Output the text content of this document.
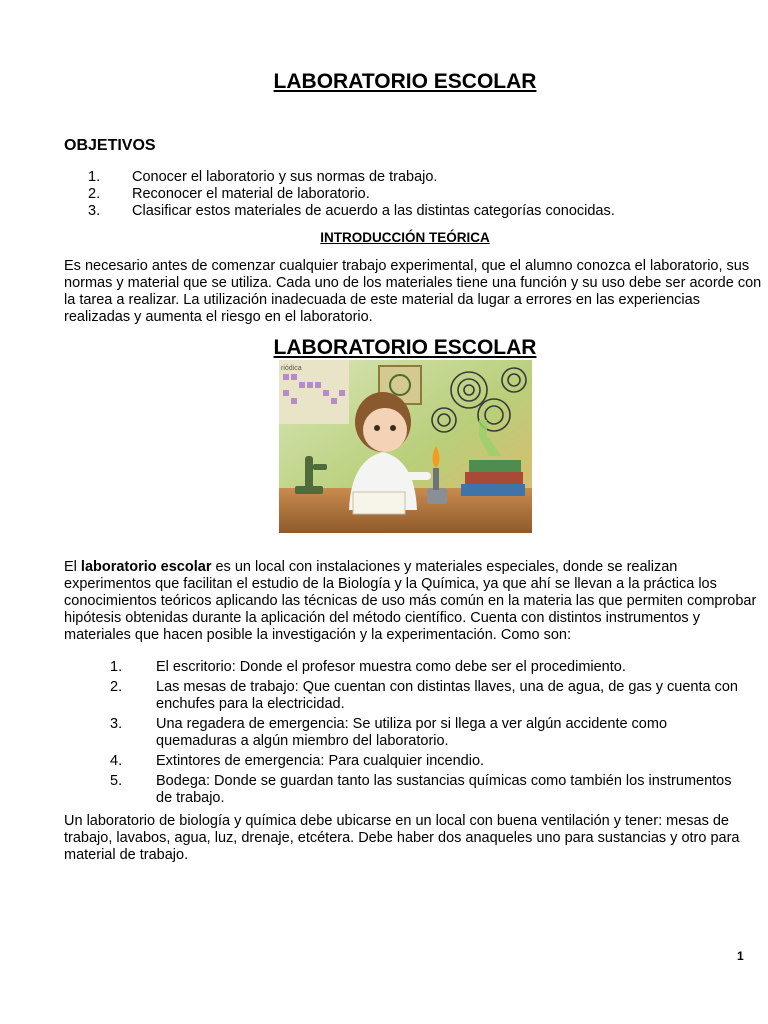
LABORATORIO ESCOLAR
OBJETIVOS
1.	Conocer el laboratorio y sus normas de trabajo.
2.	Reconocer el material de laboratorio.
3.	Clasificar estos materiales de acuerdo a las distintas categorías conocidas.
INTRODUCCIÓN TEÓRICA
Es necesario antes de comenzar cualquier trabajo experimental, que el alumno conozca el laboratorio, sus normas y material que se utiliza. Cada uno de los materiales tiene una función y su uso debe ser acorde con la tarea a realizar. La utilización inadecuada de este material da lugar a errores en las experiencias realizadas y aumenta el riesgo en el laboratorio.
LABORATORIO ESCOLAR
riódica
El laboratorio escolar es un local con instalaciones y materiales especiales, donde se realizan experimentos que facilitan el estudio de la Biología y la Química, ya que ahí se llevan a la práctica los conocimientos teóricos aplicando las técnicas de uso más común en la materia las que permiten comprobar hipótesis obtenidas durante la aplicación del método científico. Cuenta con distintos instrumentos y materiales que hacen posible la investigación y la experimentación. Como son:
1.	El escritorio: Donde el profesor muestra como debe ser el procedimiento.
2.	Las mesas de trabajo: Que cuentan con distintas llaves, una de agua, de gas y cuenta con enchufes para la electricidad.
3.	Una regadera de emergencia: Se utiliza por si llega a ver algún accidente como quemaduras a algún miembro del laboratorio.
4.	Extintores de emergencia: Para cualquier incendio.
5.	Bodega: Donde se guardan tanto las sustancias químicas como también los instrumentos de trabajo.
Un laboratorio de biología y química debe ubicarse en un local con buena ventilación y tener: mesas de trabajo, lavabos, agua, luz, drenaje, etcétera. Debe haber dos anaqueles uno para sustancias y otro para material de trabajo.
1
